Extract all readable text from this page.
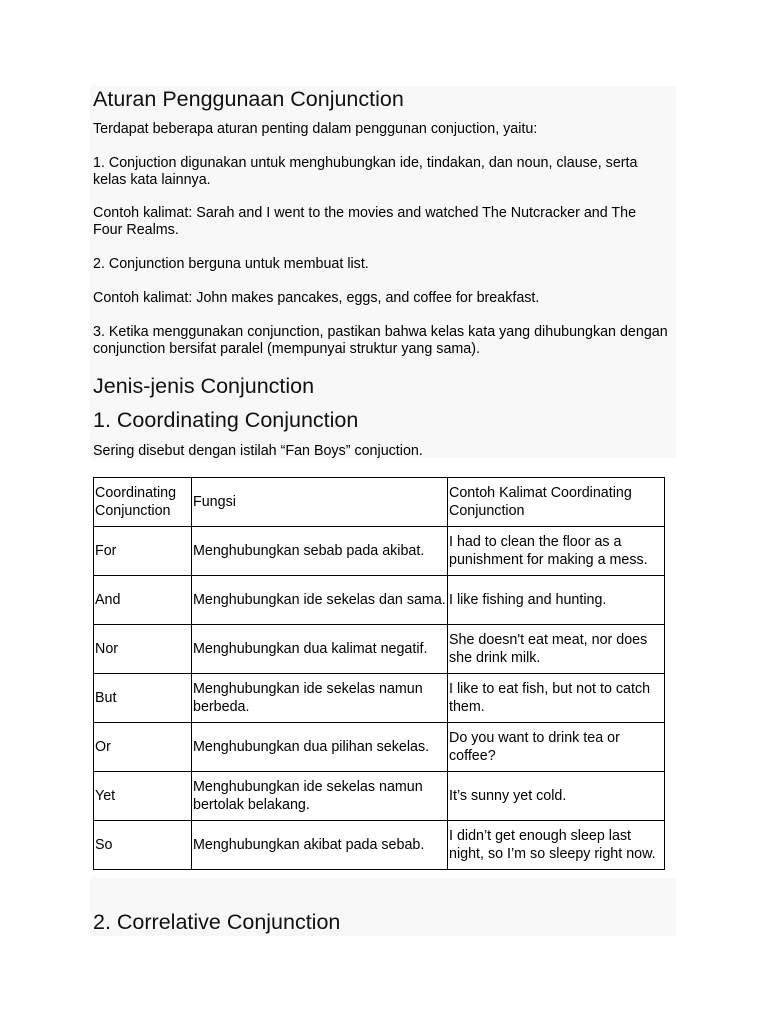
Aturan Penggunaan Conjunction

Terdapat beberapa aturan penting dalam penggunan conjuction, yaitu:

1. Conjuction digunakan untuk menghubungkan ide, tindakan, dan noun, clause, serta kelas kata lainnya.

Contoh kalimat: Sarah and I went to the movies and watched The Nutcracker and The Four Realms.

2. Conjunction berguna untuk membuat list.

Contoh kalimat: John makes pancakes, eggs, and coffee for breakfast.

3. Ketika menggunakan conjunction, pastikan bahwa kelas kata yang dihubungkan dengan conjunction bersifat paralel (mempunyai struktur yang sama).

Jenis-jenis Conjunction
1. Coordinating Conjunction

Sering disebut dengan istilah “Fan Boys” conjuction.

2. Correlative Conjunction
Coordinating Conjunction	Fungsi	Contoh Kalimat Coordinating Conjunction
For	Menghubungkan sebab pada akibat.	I had to clean the floor as a punishment for making a mess.
And	Menghubungkan ide sekelas dan sama.	I like fishing and hunting.
Nor	Menghubungkan dua kalimat negatif.	She doesn't eat meat, nor does she drink milk.
But	Menghubungkan ide sekelas namun berbeda.	I like to eat fish, but not to catch them.
Or	Menghubungkan dua pilihan sekelas.	Do you want to drink tea or coffee?
Yet	Menghubungkan ide sekelas namun bertolak belakang.	It’s sunny yet cold.
So	Menghubungkan akibat pada sebab.	I didn’t get enough sleep last night, so I’m so sleepy right now.
